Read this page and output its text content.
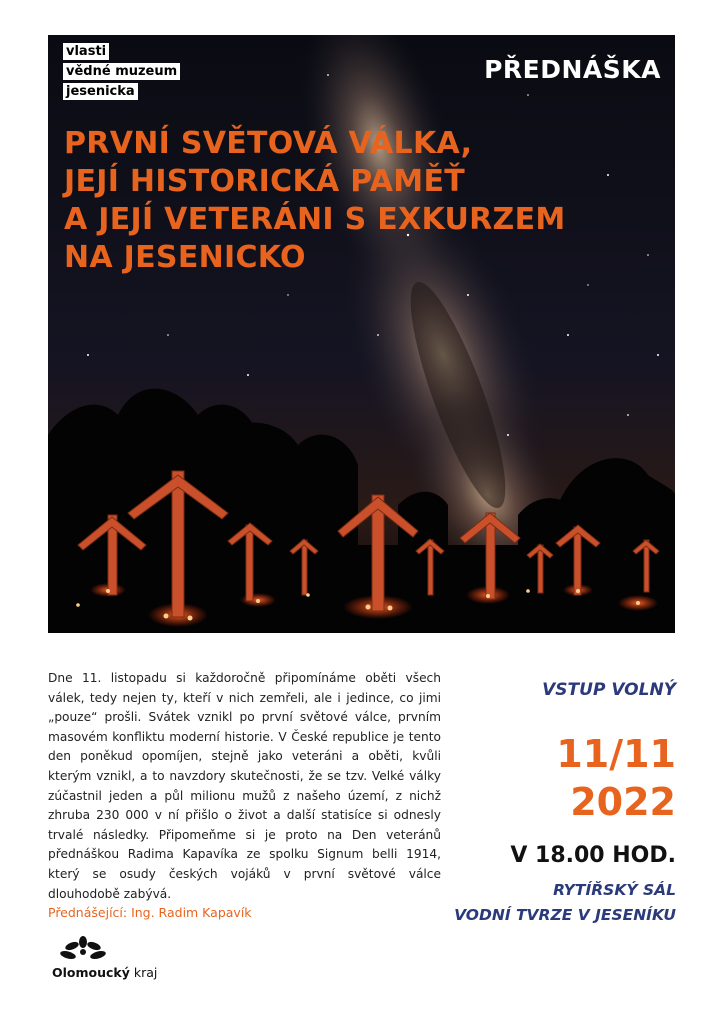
vlasti
vědné muzeum
jesenicka
PŘEDNÁŠKA
PRVNÍ SVĚTOVÁ VÁLKA,
JEJÍ HISTORICKÁ PAMĚŤ
A JEJÍ VETERÁNI S EXKURZEM
NA JESENICKO
Dne 11. listopadu si každoročně připomínáme oběti všech válek, tedy nejen ty, kteří v nich zemřeli, ale i jedince, co jimi „pouze“ prošli. Svátek vznikl po první světové válce, prvním masovém konfliktu moderní historie. V České republice je tento den poněkud opomíjen, stejně jako veteráni a oběti, kvůli kterým vznikl, a to navzdory skutečnosti, že se tzv. Velké války zúčastnil jeden a půl milionu mužů z našeho území, z nichž zhruba 230 000 v ní přišlo o život a další statisíce si odnesly trvalé následky. Připomeňme si je proto na Den veteránů přednáškou Radima Kapavíka ze spolku Signum belli 1914, který se osudy českých vojáků v první světové válce dlouhodobě zabývá.
Přednášející: Ing. Radim Kapavík
VSTUP VOLNÝ
11/11
2022
V 18.00 HOD.
RYTÍŘSKÝ SÁL
VODNÍ TVRZE V JESENÍKU
Olomoucký kraj
